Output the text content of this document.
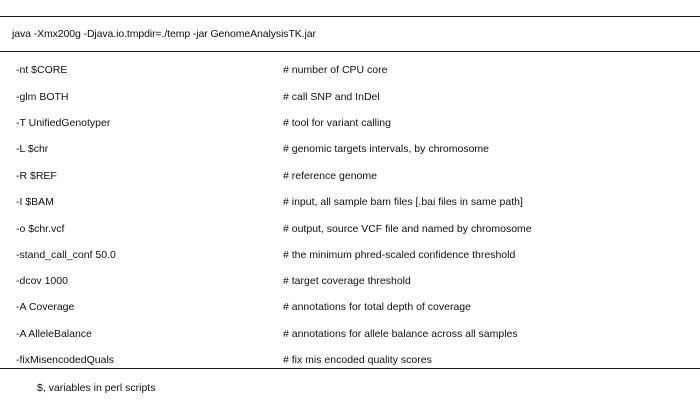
java -Xmx200g -Djava.io.tmpdir=./temp -jar GenomeAnalysisTK.jar
-nt $CORE	# number of CPU core
-glm BOTH	# call SNP and InDel
-T UnifiedGenotyper	# tool for variant calling
-L $chr	# genomic targets intervals, by chromosome
-R $REF	# reference genome
-I $BAM	# input, all sample bam files [.bai files in same path]
-o $chr.vcf	# output, source VCF file and named by chromosome
-stand_call_conf 50.0	# the minimum phred-scaled confidence threshold
-dcov 1000	# target coverage threshold
-A Coverage	# annotations for total depth of coverage
-A AlleleBalance	# annotations for allele balance across all samples
-fixMisencodedQuals	# fix mis encoded quality scores
$, variables in perl scripts
